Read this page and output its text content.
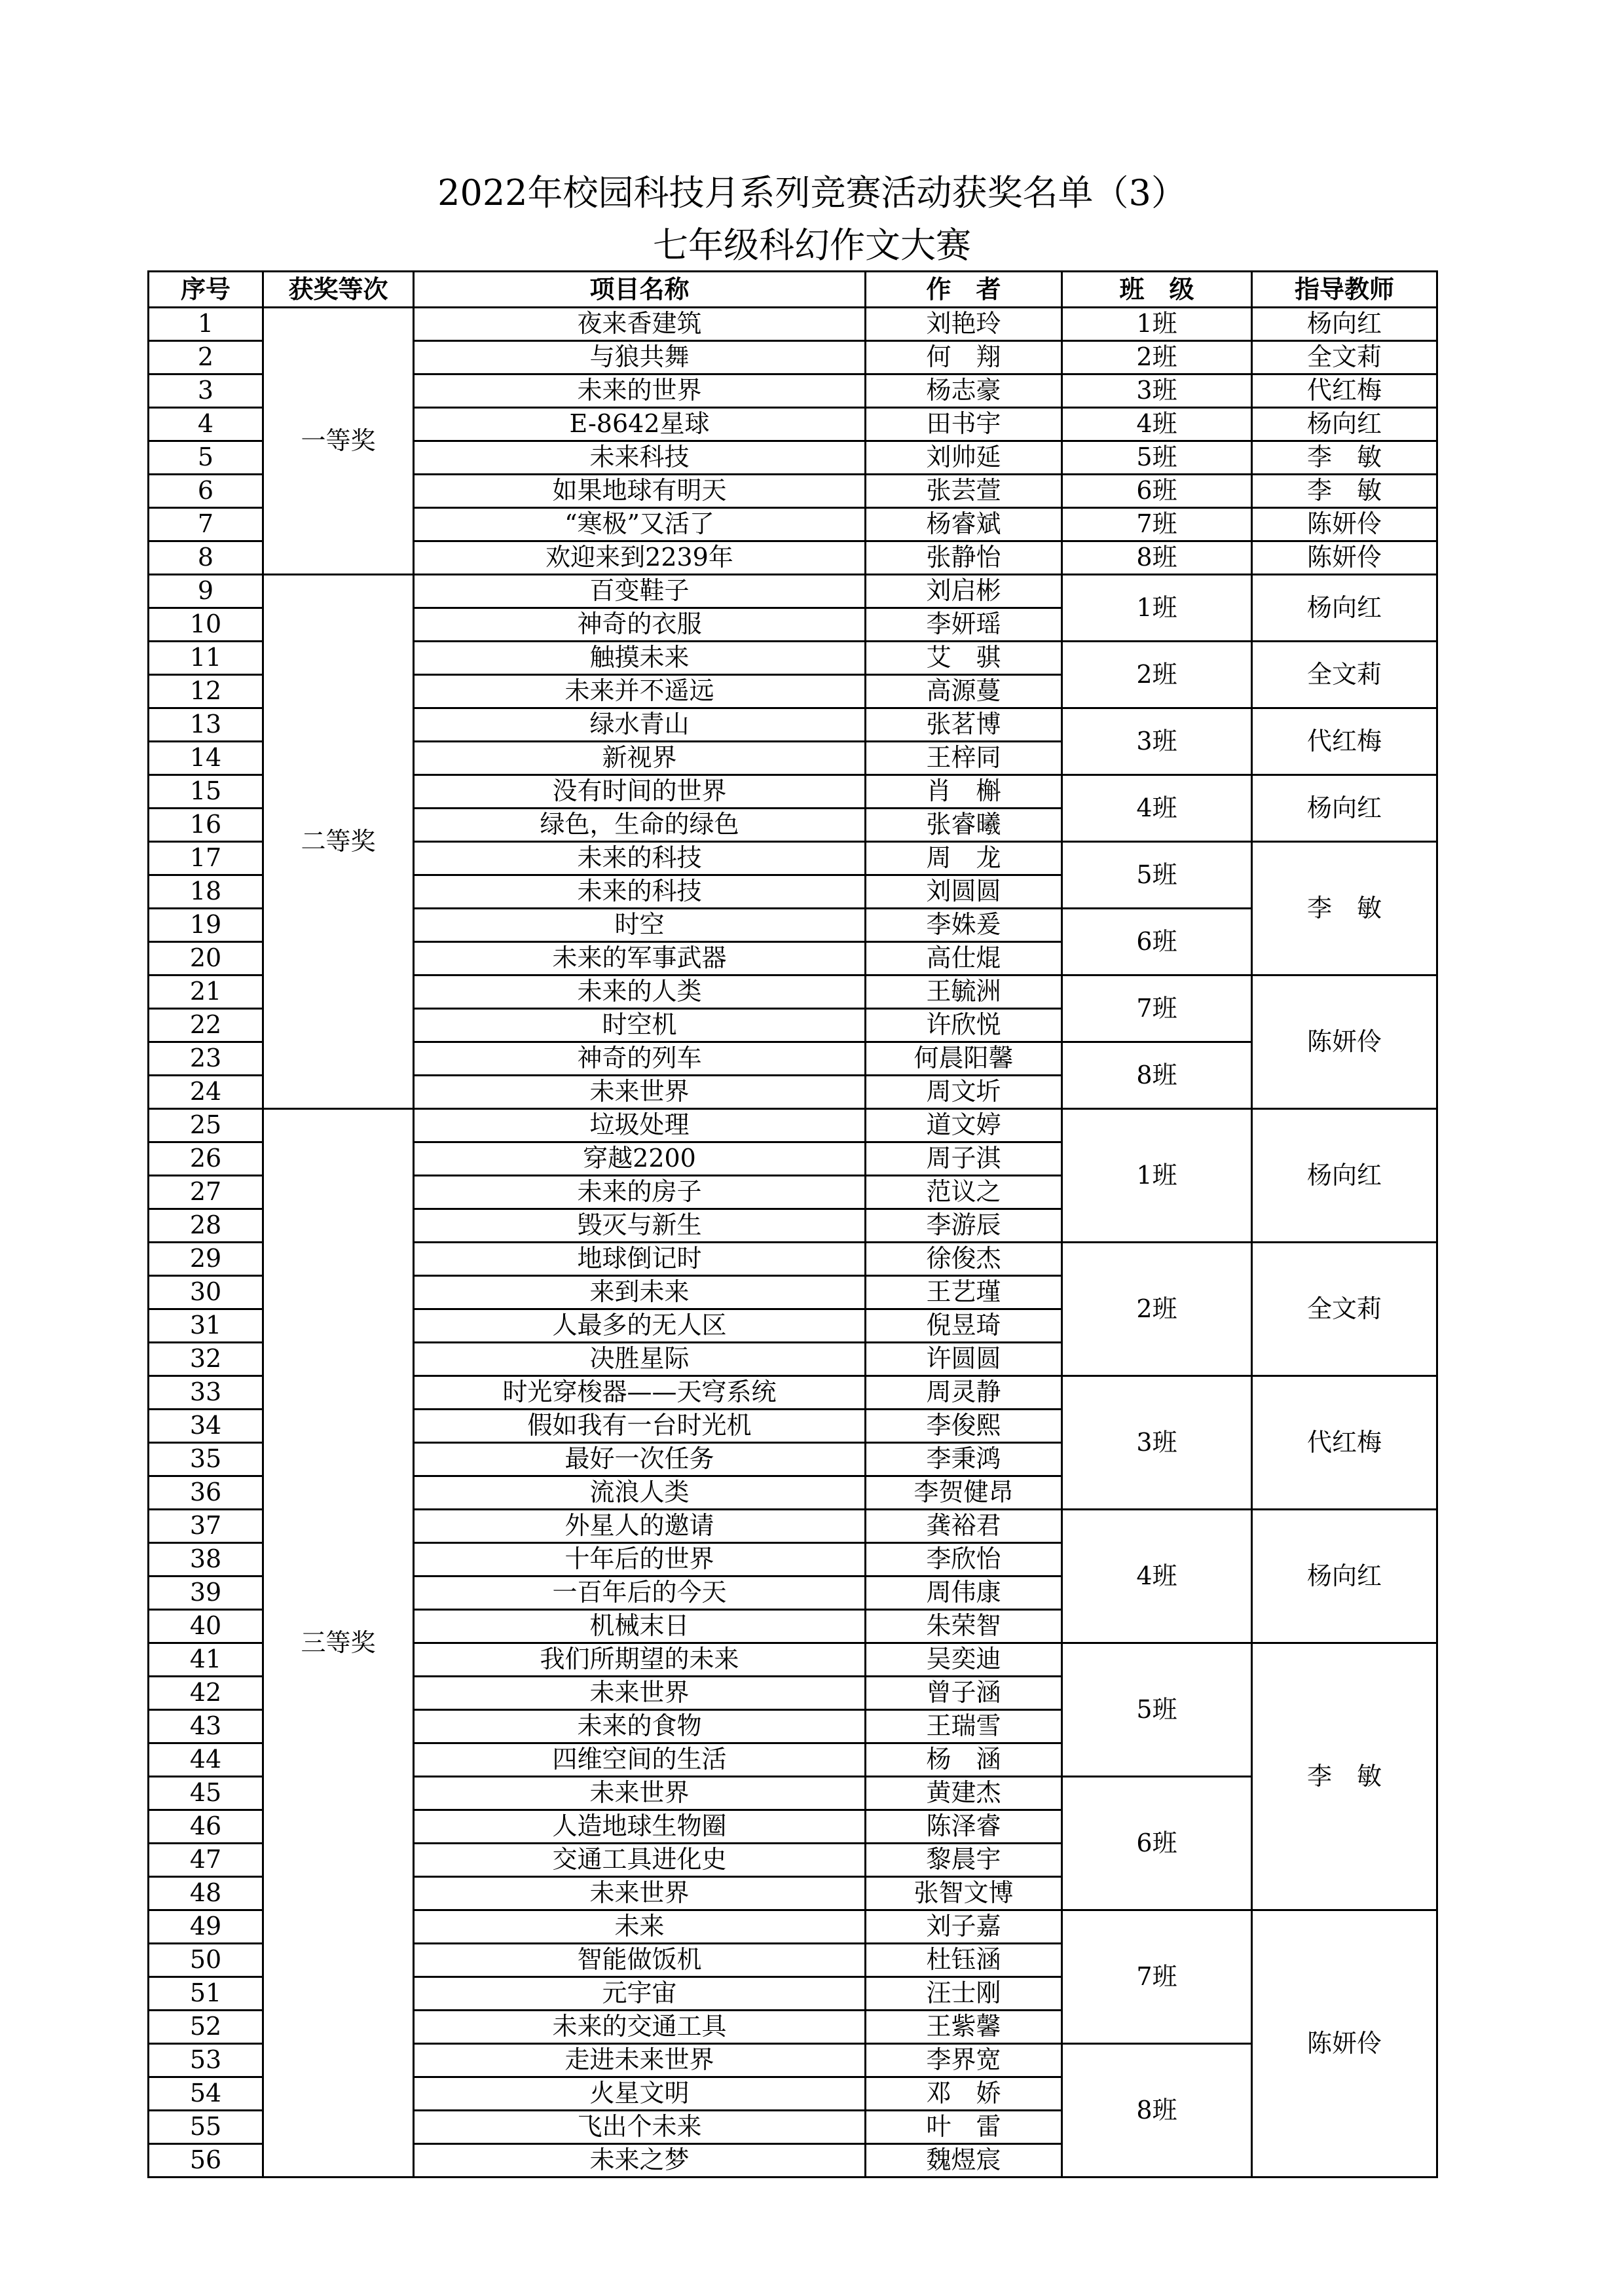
2022年校园科技月系列竞赛活动获奖名单（3）
七年级科幻作文大赛
序号	获奖等次	项目名称	作　者	班　级	指导教师
1	一等奖	夜来香建筑	刘艳玲	1班	杨向红
2		与狼共舞	何　翔	2班	全文莉
3		未来的世界	杨志豪	3班	代红梅
4		E-8642星球	田书宇	4班	杨向红
5		未来科技	刘帅延	5班	李　敏
6		如果地球有明天	张芸萱	6班	李　敏
7		“寒极”又活了	杨睿斌	7班	陈妍伶
8		欢迎来到2239年	张静怡	8班	陈妍伶
9	二等奖	百变鞋子	刘启彬	1班	杨向红
10		神奇的衣服	李妍瑶		
11		触摸未来	艾　骐	2班	全文莉
12		未来并不遥远	高源蔓		
13		绿水青山	张茗博	3班	代红梅
14		新视界	王梓同		
15		没有时间的世界	肖　槲	4班	杨向红
16		绿色，生命的绿色	张睿曦		
17		未来的科技	周　龙	5班	李　敏
18		未来的科技	刘圆圆		
19		时空	李姝爰	6班	
20		未来的军事武器	高仕焜		
21		未来的人类	王毓洲	7班	陈妍伶
22		时空机	许欣悦		
23		神奇的列车	何晨阳馨	8班	
24		未来世界	周文圻		
25	三等奖	垃圾处理	道文婷	1班	杨向红
26		穿越2200	周子淇		
27		未来的房子	范议之		
28		毁灭与新生	李游辰		
29		地球倒记时	徐俊杰	2班	全文莉
30		来到未来	王艺瑾		
31		人最多的无人区	倪昱琦		
32		决胜星际	许圆圆		
33		时光穿梭器——天穹系统	周灵静	3班	代红梅
34		假如我有一台时光机	李俊熙		
35		最好一次任务	李秉鸿		
36		流浪人类	李贺健昂		
37		外星人的邀请	龚裕君	4班	杨向红
38		十年后的世界	李欣怡		
39		一百年后的今天	周伟康		
40		机械末日	朱荣智		
41		我们所期望的未来	吴奕迪	5班	李　敏
42		未来世界	曾子涵		
43		未来的食物	王瑞雪		
44		四维空间的生活	杨　涵		
45		未来世界	黄建杰	6班	
46		人造地球生物圈	陈泽睿		
47		交通工具进化史	黎晨宇		
48		未来世界	张智文博		
49		未来	刘子嘉	7班	陈妍伶
50		智能做饭机	杜钰涵		
51		元宇宙	汪士刚		
52		未来的交通工具	王紫馨		
53		走进未来世界	李界宽	8班	
54		火星文明	邓　娇		
55		飞出个未来	叶　雷		
56		未来之梦	魏煜宸		
